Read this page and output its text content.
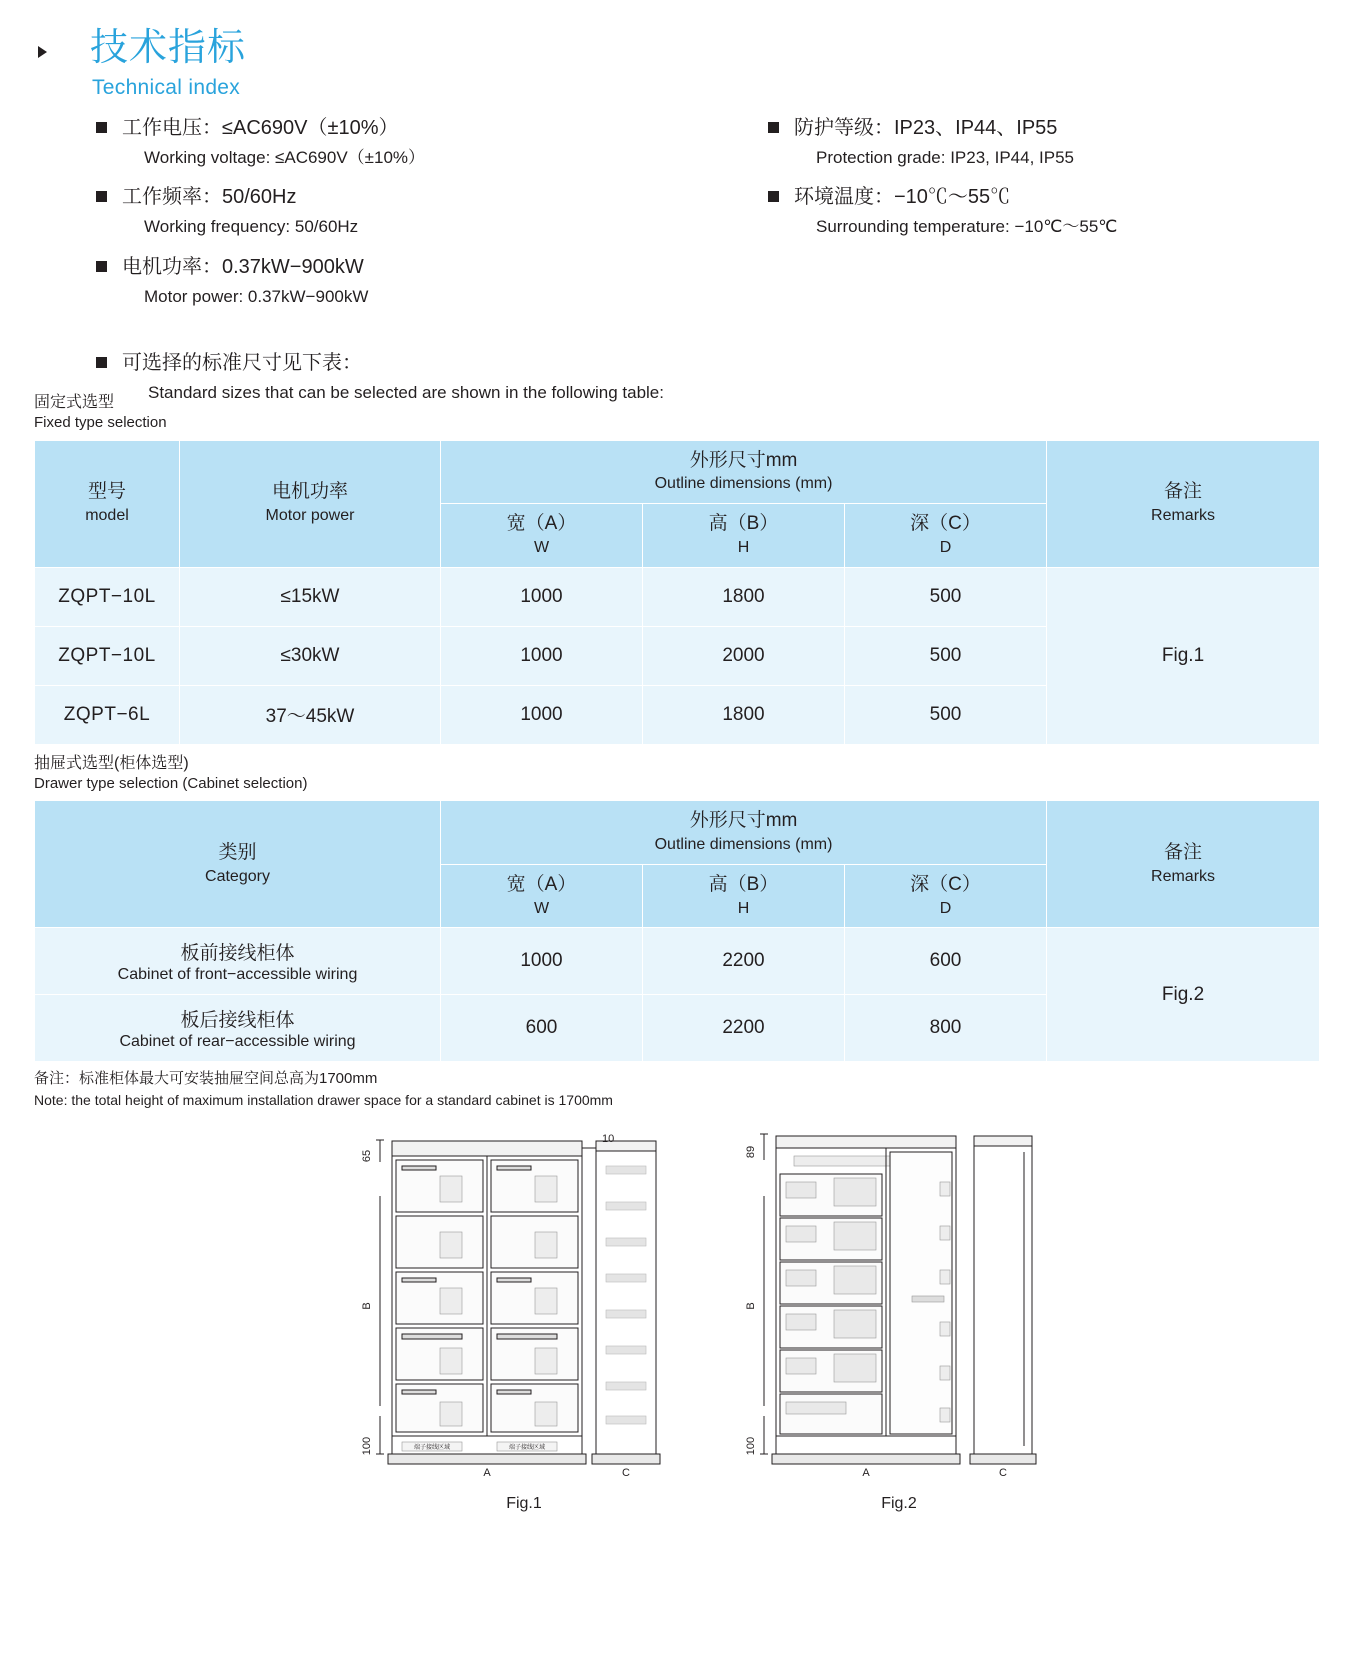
技术指标
Technical index
工作电压：≤AC690V（±10%）
Working voltage: ≤AC690V（±10%）
工作频率：50/60Hz
Working frequency: 50/60Hz
电机功率：0.37kW−900kW
Motor power: 0.37kW−900kW
防护等级：IP23、IP44、IP55
Protection grade: IP23, IP44, IP55
环境温度：−10℃～55℃
Surrounding temperature: −10℃～55℃
可选择的标准尺寸见下表：
Standard sizes that can be selected are shown in the following table:
固定式选型
Fixed type selection
型号
model	电机功率
Motor power	外形尺寸mm
Outline dimensions (mm)			备注
Remarks

		宽（A）
W	高（B）
H	深（C）
D	

ZQPT−10L	≤15kW	1000	1800	500	Fig.1
ZQPT−10L	≤30kW	1000	2000	500	
ZQPT−6L	37～45kW	1000	1800	500	
抽屉式选型(柜体选型)
Drawer type selection (Cabinet selection)
类别
Category	外形尺寸mm
Outline dimensions (mm)			备注
Remarks

	宽（A）
W	高（B）
H	深（C）
D	

板前接线柜体
Cabinet of front−accessible wiring	1000	2200	600	Fig.2
板后接线柜体
Cabinet of rear−accessible wiring	600	2200	800	
备注：标准柜体最大可安装抽屉空间总高为1700mm
Note: the total height of maximum installation drawer space for a standard cabinet is 1700mm
65
B
100
10
A	C
端子接线区域	端子接线区域
Fig.1
89
B
100
A	C
Fig.2
